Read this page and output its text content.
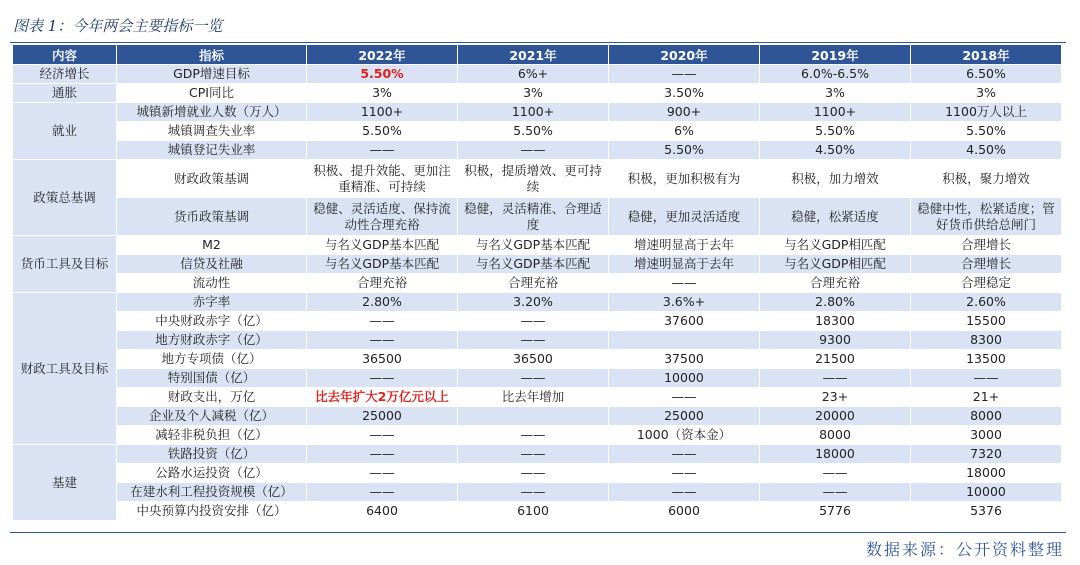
图表 1：今年两会主要指标一览
内容	指标	2022年	2021年	2020年	2019年	2018年
经济增长	GDP增速目标	5.50%	6%+	——	6.0%-6.5%	6.50%
通胀	CPI同比	3%	3%	3.50%	3%	3%
就业	城镇新增就业人数（万人）	1100+	1100+	900+	1100+	1100万人以上
	城镇调查失业率	5.50%	5.50%	6%	5.50%	5.50%
	城镇登记失业率	——	——	5.50%	4.50%	4.50%
政策总基调	财政政策基调	积极、提升效能、更加注重精准、可持续	积极，提质增效、更可持续	积极，更加积极有为	积极，加力增效	积极，聚力增效
	货币政策基调	稳健、灵活适度、保持流动性合理充裕	稳健，灵活精准、合理适度	稳健，更加灵活适度	稳健，松紧适度	稳健中性，松紧适度；管好货币供给总闸门
货币工具及目标	M2	与名义GDP基本匹配	与名义GDP基本匹配	增速明显高于去年	与名义GDP相匹配	合理增长
	信贷及社融	与名义GDP基本匹配	与名义GDP基本匹配	增速明显高于去年	与名义GDP相匹配	合理增长
	流动性	合理充裕	合理充裕	——	合理充裕	合理稳定
财政工具及目标	赤字率	2.80%	3.20%	3.6%+	2.80%	2.60%
	中央财政赤字（亿）	——	——	37600	18300	15500
	地方财政赤字（亿）	——	——		9300	8300
	地方专项债（亿）	36500	36500	37500	21500	13500
	特别国债（亿）	——	——	10000	——	——
	财政支出，万亿	比去年扩大2万亿元以上	比去年增加	——	23+	21+
	企业及个人减税（亿）	25000		25000	20000	8000
	减轻非税负担（亿）	——	——	1000（资本金）	8000	3000
基建	铁路投资（亿）	——	——	——	18000	7320
	公路水运投资（亿）	——	——	——	——	18000
	在建水利工程投资规模（亿）	——	——	——	——	10000
	中央预算内投资安排（亿）	6400	6100	6000	5776	5376
数据来源：公开资料整理
